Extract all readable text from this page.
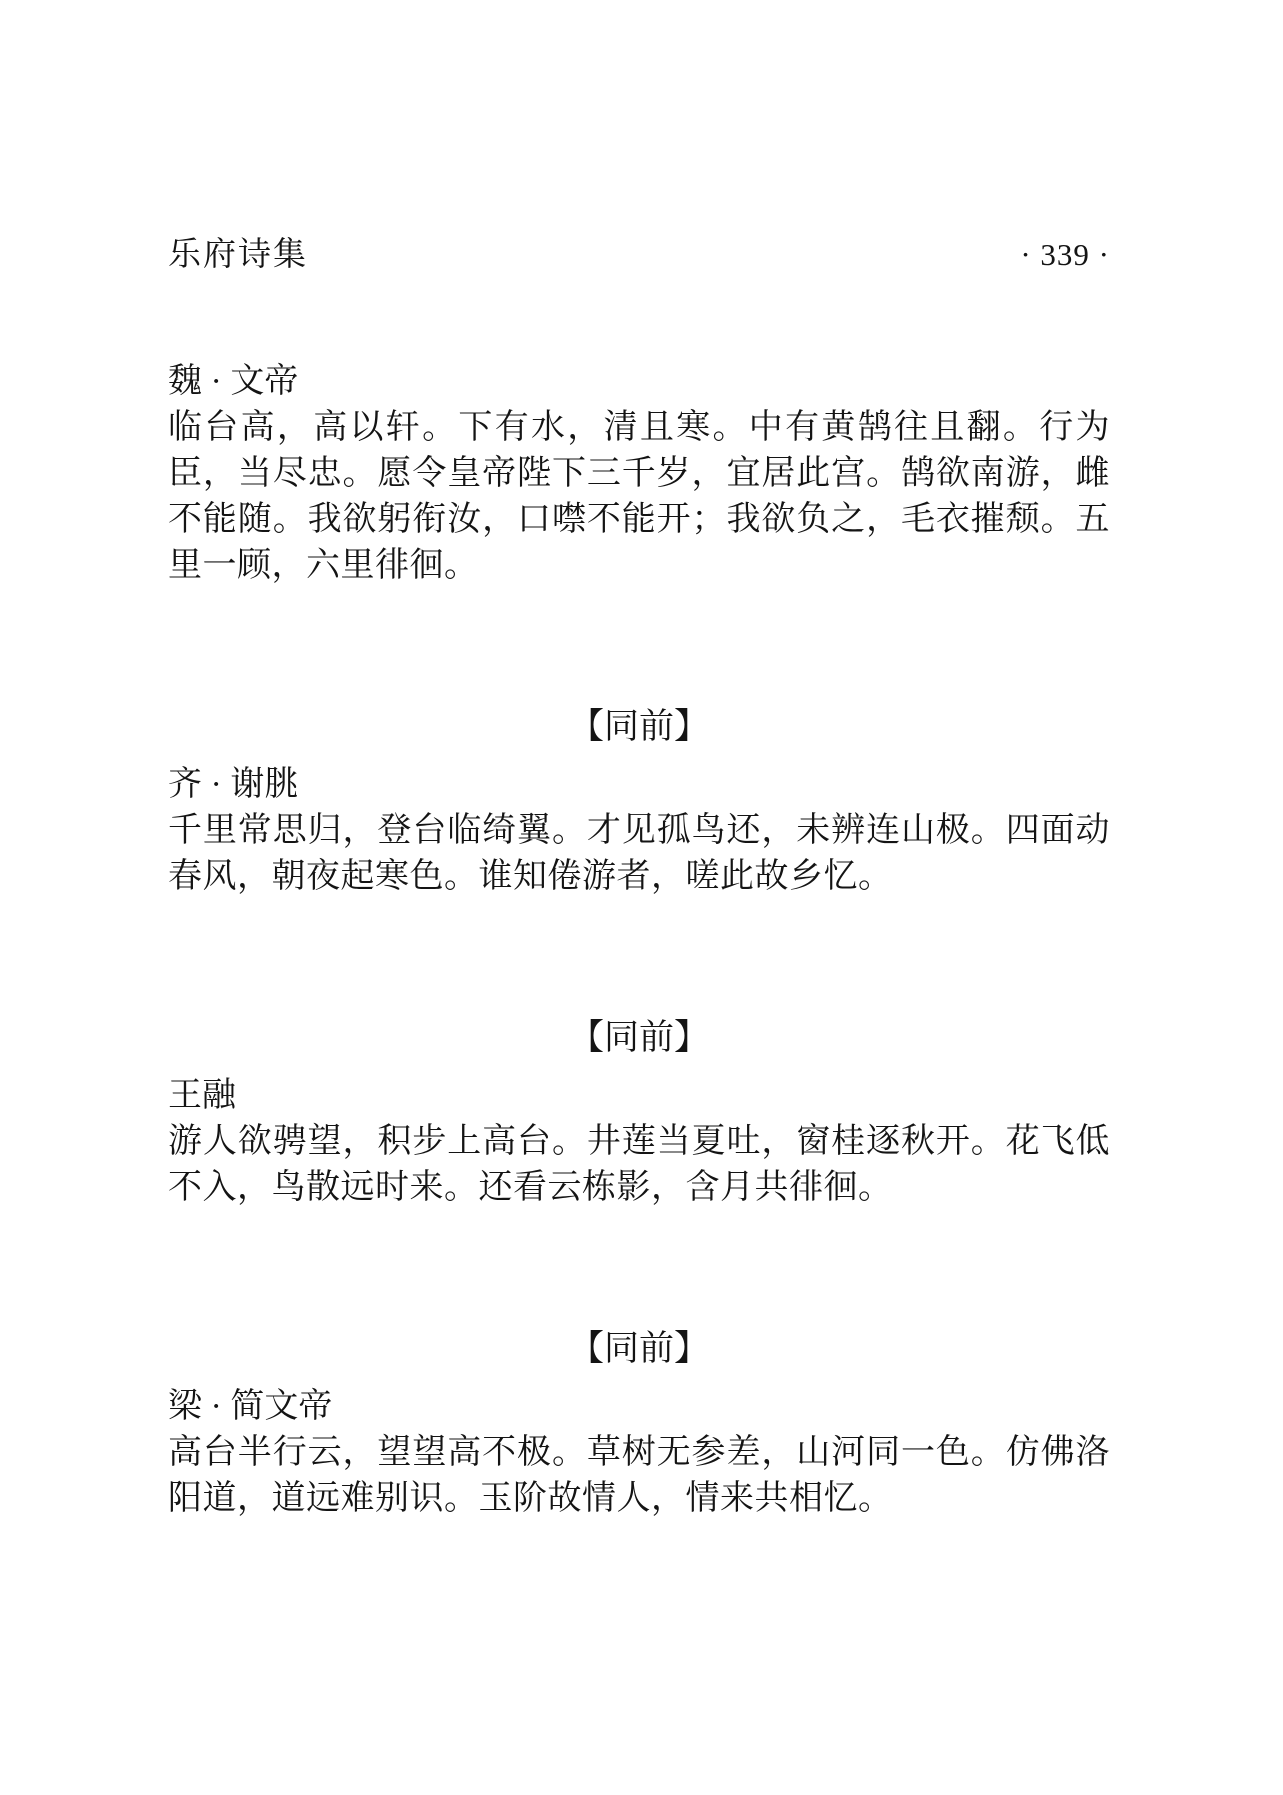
乐府诗集	· 339 ·
魏 · 文帝
临台高，高以轩。下有水，清且寒。中有黄鹄往且翻。行为臣，当尽忠。愿令皇帝陛下三千岁，宜居此宫。鹄欲南游，雌不能随。我欲躬衔汝，口噤不能开；我欲负之，毛衣摧颓。五里一顾，六里徘徊。
【同前】
齐 · 谢朓
千里常思归，登台临绮翼。才见孤鸟还，未辨连山极。四面动春风，朝夜起寒色。谁知倦游者，嗟此故乡忆。
【同前】
王融
游人欲骋望，积步上高台。井莲当夏吐，窗桂逐秋开。花飞低不入，鸟散远时来。还看云栋影，含月共徘徊。
【同前】
梁 · 简文帝
高台半行云，望望高不极。草树无参差，山河同一色。仿佛洛阳道，道远难别识。玉阶故情人，情来共相忆。
